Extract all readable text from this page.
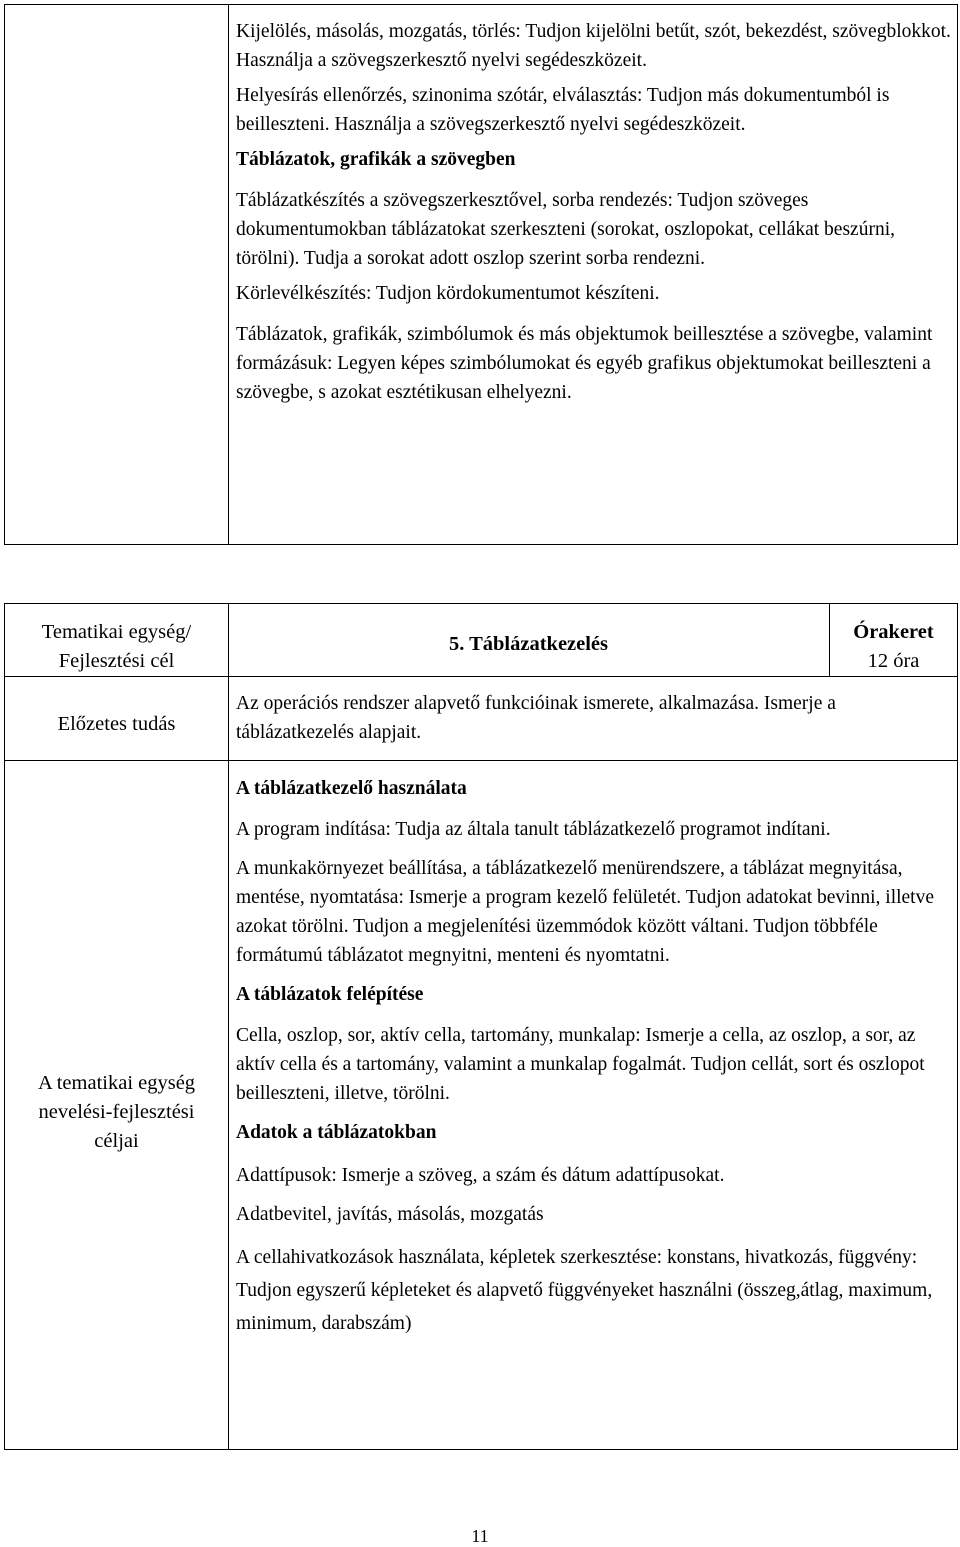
Kijelölés, másolás, mozgatás, törlés: Tudjon kijelölni betűt, szót, bekezdést, szövegblokkot. Használja a szövegszerkesztő nyelvi segédeszközeit.

Helyesírás ellenőrzés, szinonima szótár, elválasztás: Tudjon más dokumentumból is beilleszteni. Használja a szövegszerkesztő nyelvi segédeszközeit.

Táblázatok, grafikák a szövegben

Táblázatkészítés a szövegszerkesztővel, sorba rendezés: Tudjon szöveges dokumentumokban táblázatokat szerkeszteni (sorokat, oszlopokat, cellákat beszúrni, törölni). Tudja a sorokat adott oszlop szerint sorba rendezni.

Körlevélkészítés: Tudjon kördokumentumot készíteni.

Táblázatok, grafikák, szimbólumok és más objektumok beillesztése a szövegbe, valamint formázásuk: Legyen képes szimbólumokat és egyéb grafikus objektumokat beilleszteni a szövegbe, s azokat esztétikusan elhelyezni.

Tematikai egység/ Fejlesztési cél

5. Táblázatkezelés

Órakeret

12 óra

Előzetes tudás

Az operációs rendszer alapvető funkcióinak ismerete, alkalmazása. Ismerje a táblázatkezelés alapjait.

A tematikai egység nevelési-fejlesztési céljai

A táblázatkezelő használata

A program indítása: Tudja az általa tanult táblázatkezelő programot indítani.

A munkakörnyezet beállítása, a táblázatkezelő menürendszere, a táblázat megnyitása, mentése, nyomtatása: Ismerje a program kezelő felületét. Tudjon adatokat bevinni, illetve azokat törölni. Tudjon a megjelenítési üzemmódok között váltani. Tudjon többféle formátumú táblázatot megnyitni, menteni és nyomtatni.

A táblázatok felépítése

Cella, oszlop, sor, aktív cella, tartomány, munkalap: Ismerje a cella, az oszlop, a sor, az aktív cella és a tartomány, valamint a munkalap fogalmát. Tudjon cellát, sort és oszlopot beilleszteni, illetve, törölni.

Adatok a táblázatokban

Adattípusok: Ismerje a szöveg, a szám és dátum adattípusokat.

Adatbevitel, javítás, másolás, mozgatás

A cellahivatkozások használata, képletek szerkesztése: konstans, hivatkozás, függvény: Tudjon egyszerű képleteket és alapvető függvényeket használni (összeg,átlag, maximum, minimum, darabszám)

11
